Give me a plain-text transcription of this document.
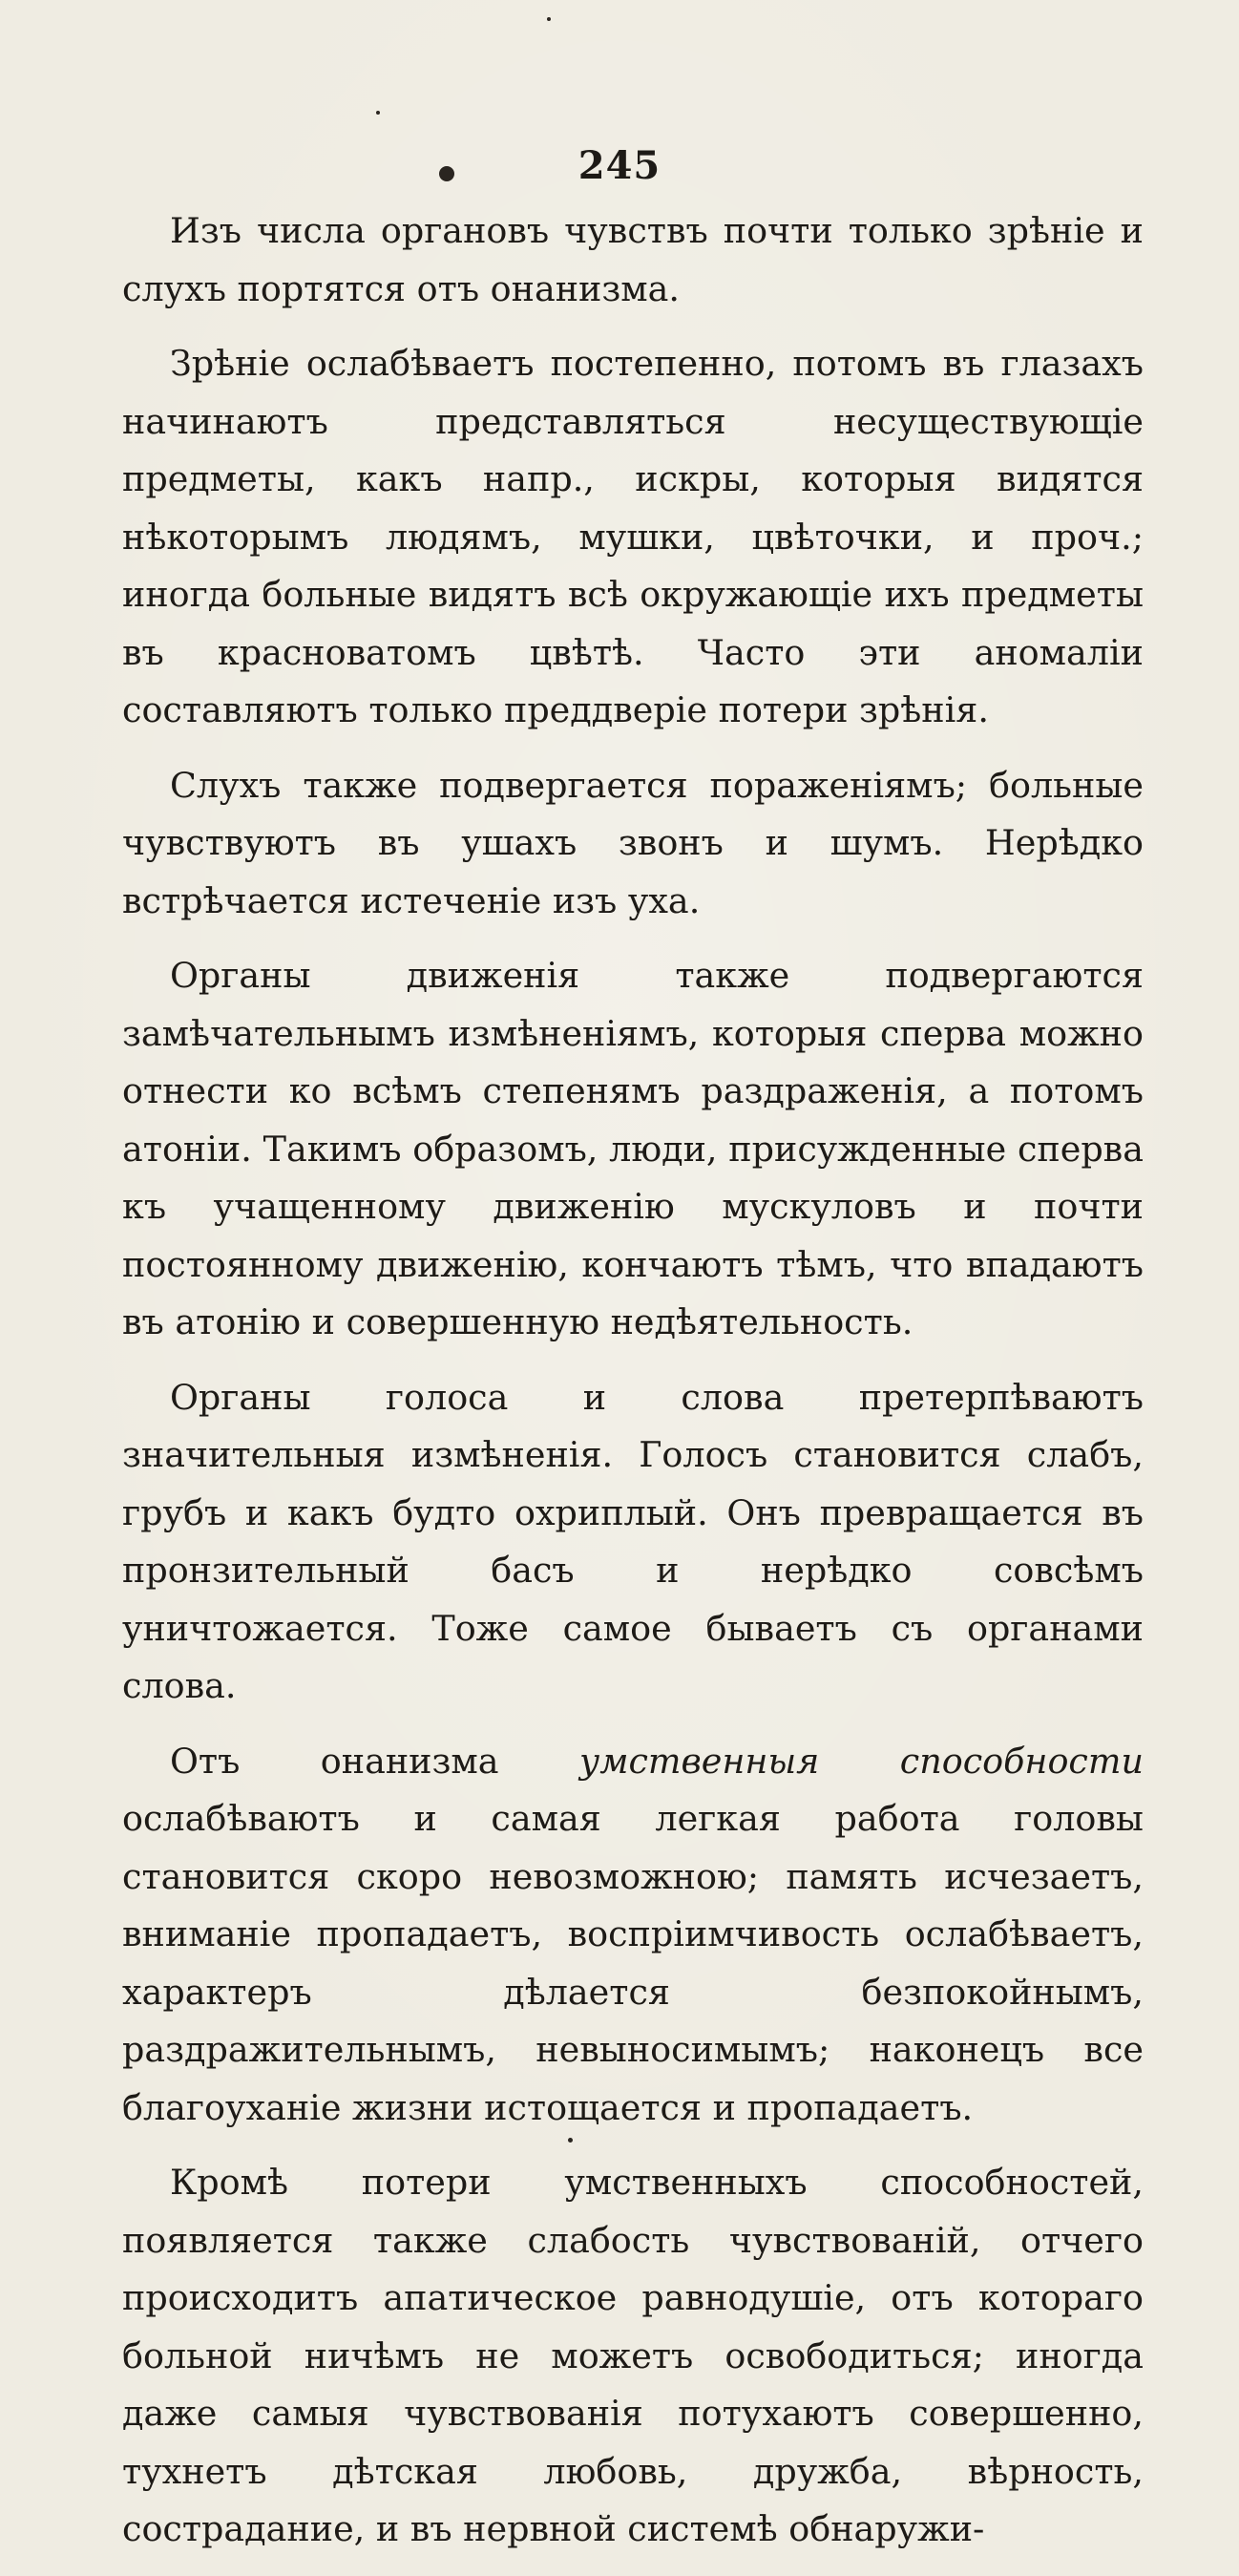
245

Изъ числа органовъ чувствъ почти только зрѣніе и слухъ портятся отъ онанизма.

Зрѣніе ослабѣваетъ постепенно, потомъ въ глазахъ начинаютъ представляться несуществующіе предметы, какъ напр., искры, которыя видятся нѣкоторымъ людямъ, мушки, цвѣточки, и проч.; иногда больные видятъ всѣ окружающіе ихъ предметы въ красноватомъ цвѣтѣ. Часто эти аномаліи составляютъ только преддверіе потери зрѣнія.

Слухъ также подвергается пораженіямъ; больные чувствуютъ въ ушахъ звонъ и шумъ. Нерѣдко встрѣчается истеченіе изъ уха.

Органы движенія также подвергаются замѣчательнымъ измѣненіямъ, которыя сперва можно отнести ко всѣмъ степенямъ раздраженія, а потомъ атоніи. Такимъ образомъ, люди, присужденные сперва къ учащенному движенію мускуловъ и почти постоянному движенію, кончаютъ тѣмъ, что впадаютъ въ атонію и совершенную недѣятельность.

Органы голоса и слова претерпѣваютъ значительныя измѣненія. Голосъ становится слабъ, грубъ и какъ будто охриплый. Онъ превращается въ пронзительный басъ и нерѣдко совсѣмъ уничтожается. Тоже самое бываетъ съ органами слова.

Отъ онанизма умственныя способности ослабѣваютъ и самая легкая работа головы становится скоро невозможною; память исчезаетъ, вниманіе пропадаетъ, воспріимчивость ослабѣваетъ, характеръ дѣлается безпокойнымъ, раздражительнымъ, невыносимымъ; наконецъ все благоуханіе жизни истощается и пропадаетъ.

Кромѣ потери умственныхъ способностей, появляется также слабость чувствованій, отчего происходитъ апатическое равнодушіе, отъ котораго больной ничѣмъ не можетъ освободиться; иногда даже самыя чувствованія потухаютъ совершенно, тухнетъ дѣтская любовь, дружба, вѣрность, сострадание, и въ нервной системѣ обнаружи-
